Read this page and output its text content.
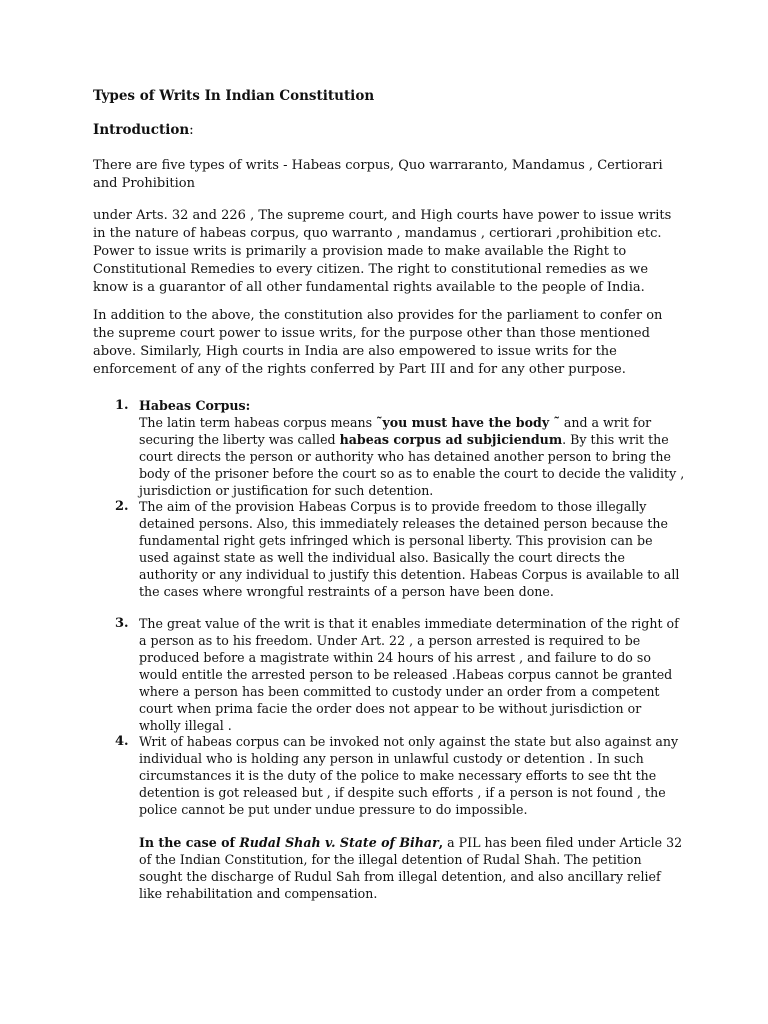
Types of Writs In Indian Constitution
Introduction:

There are five types of writs - Habeas corpus, Quo warraranto, Mandamus , Certiorari and Prohibition

under Arts. 32 and 226 , The supreme court, and High courts have power to issue writs in the nature of habeas corpus, quo warranto , mandamus , certiorari ,prohibition etc. Power to issue writs is primarily a provision made to make available the Right to Constitutional Remedies to every citizen. The right to constitutional remedies as we know is a guarantor of all other fundamental rights available to the people of India.

In addition to the above, the constitution also provides for the parliament to confer on the supreme court power to issue writs, for the purpose other than those mentioned above. Similarly, High courts in India are also empowered to issue writs for the enforcement of any of the rights conferred by Part III and for any other purpose.

1. Habeas Corpus:
The latin term habeas corpus means ˜you must have the body ˜ and a writ for securing the liberty was called habeas corpus ad subjiciendum. By this writ the court directs the person or authority who has detained another person to bring the body of the prisoner before the court so as to enable the court to decide the validity , jurisdiction or justification for such detention.

2. The aim of the provision Habeas Corpus is to provide freedom to those illegally detained persons. Also, this immediately releases the detained person because the fundamental right gets infringed which is personal liberty. This provision can be used against state as well the individual also. Basically the court directs the authority or any individual to justify this detention. Habeas Corpus is available to all the cases where wrongful restraints of a person have been done.

3. The great value of the writ is that it enables immediate determination of the right of a person as to his freedom. Under Art. 22 , a person arrested is required to be produced before a magistrate within 24 hours of his arrest , and failure to do so would entitle the arrested person to be released .Habeas corpus cannot be granted where a person has been committed to custody under an order from a competent court when prima facie the order does not appear to be without jurisdiction or wholly illegal .

4. Writ of habeas corpus can be invoked not only against the state but also against any individual who is holding any person in unlawful custody or detention . In such circumstances it is the duty of the police to make necessary efforts to see tht the detention is got released but , if despite such efforts , if a person is not found , the police cannot be put under undue pressure to do impossible.

In the case of Rudal Shah v. State of Bihar, a PIL has been filed under Article 32 of the Indian Constitution, for the illegal detention of Rudal Shah. The petition sought the discharge of Rudul Sah from illegal detention, and also ancillary relief like rehabilitation and compensation.
